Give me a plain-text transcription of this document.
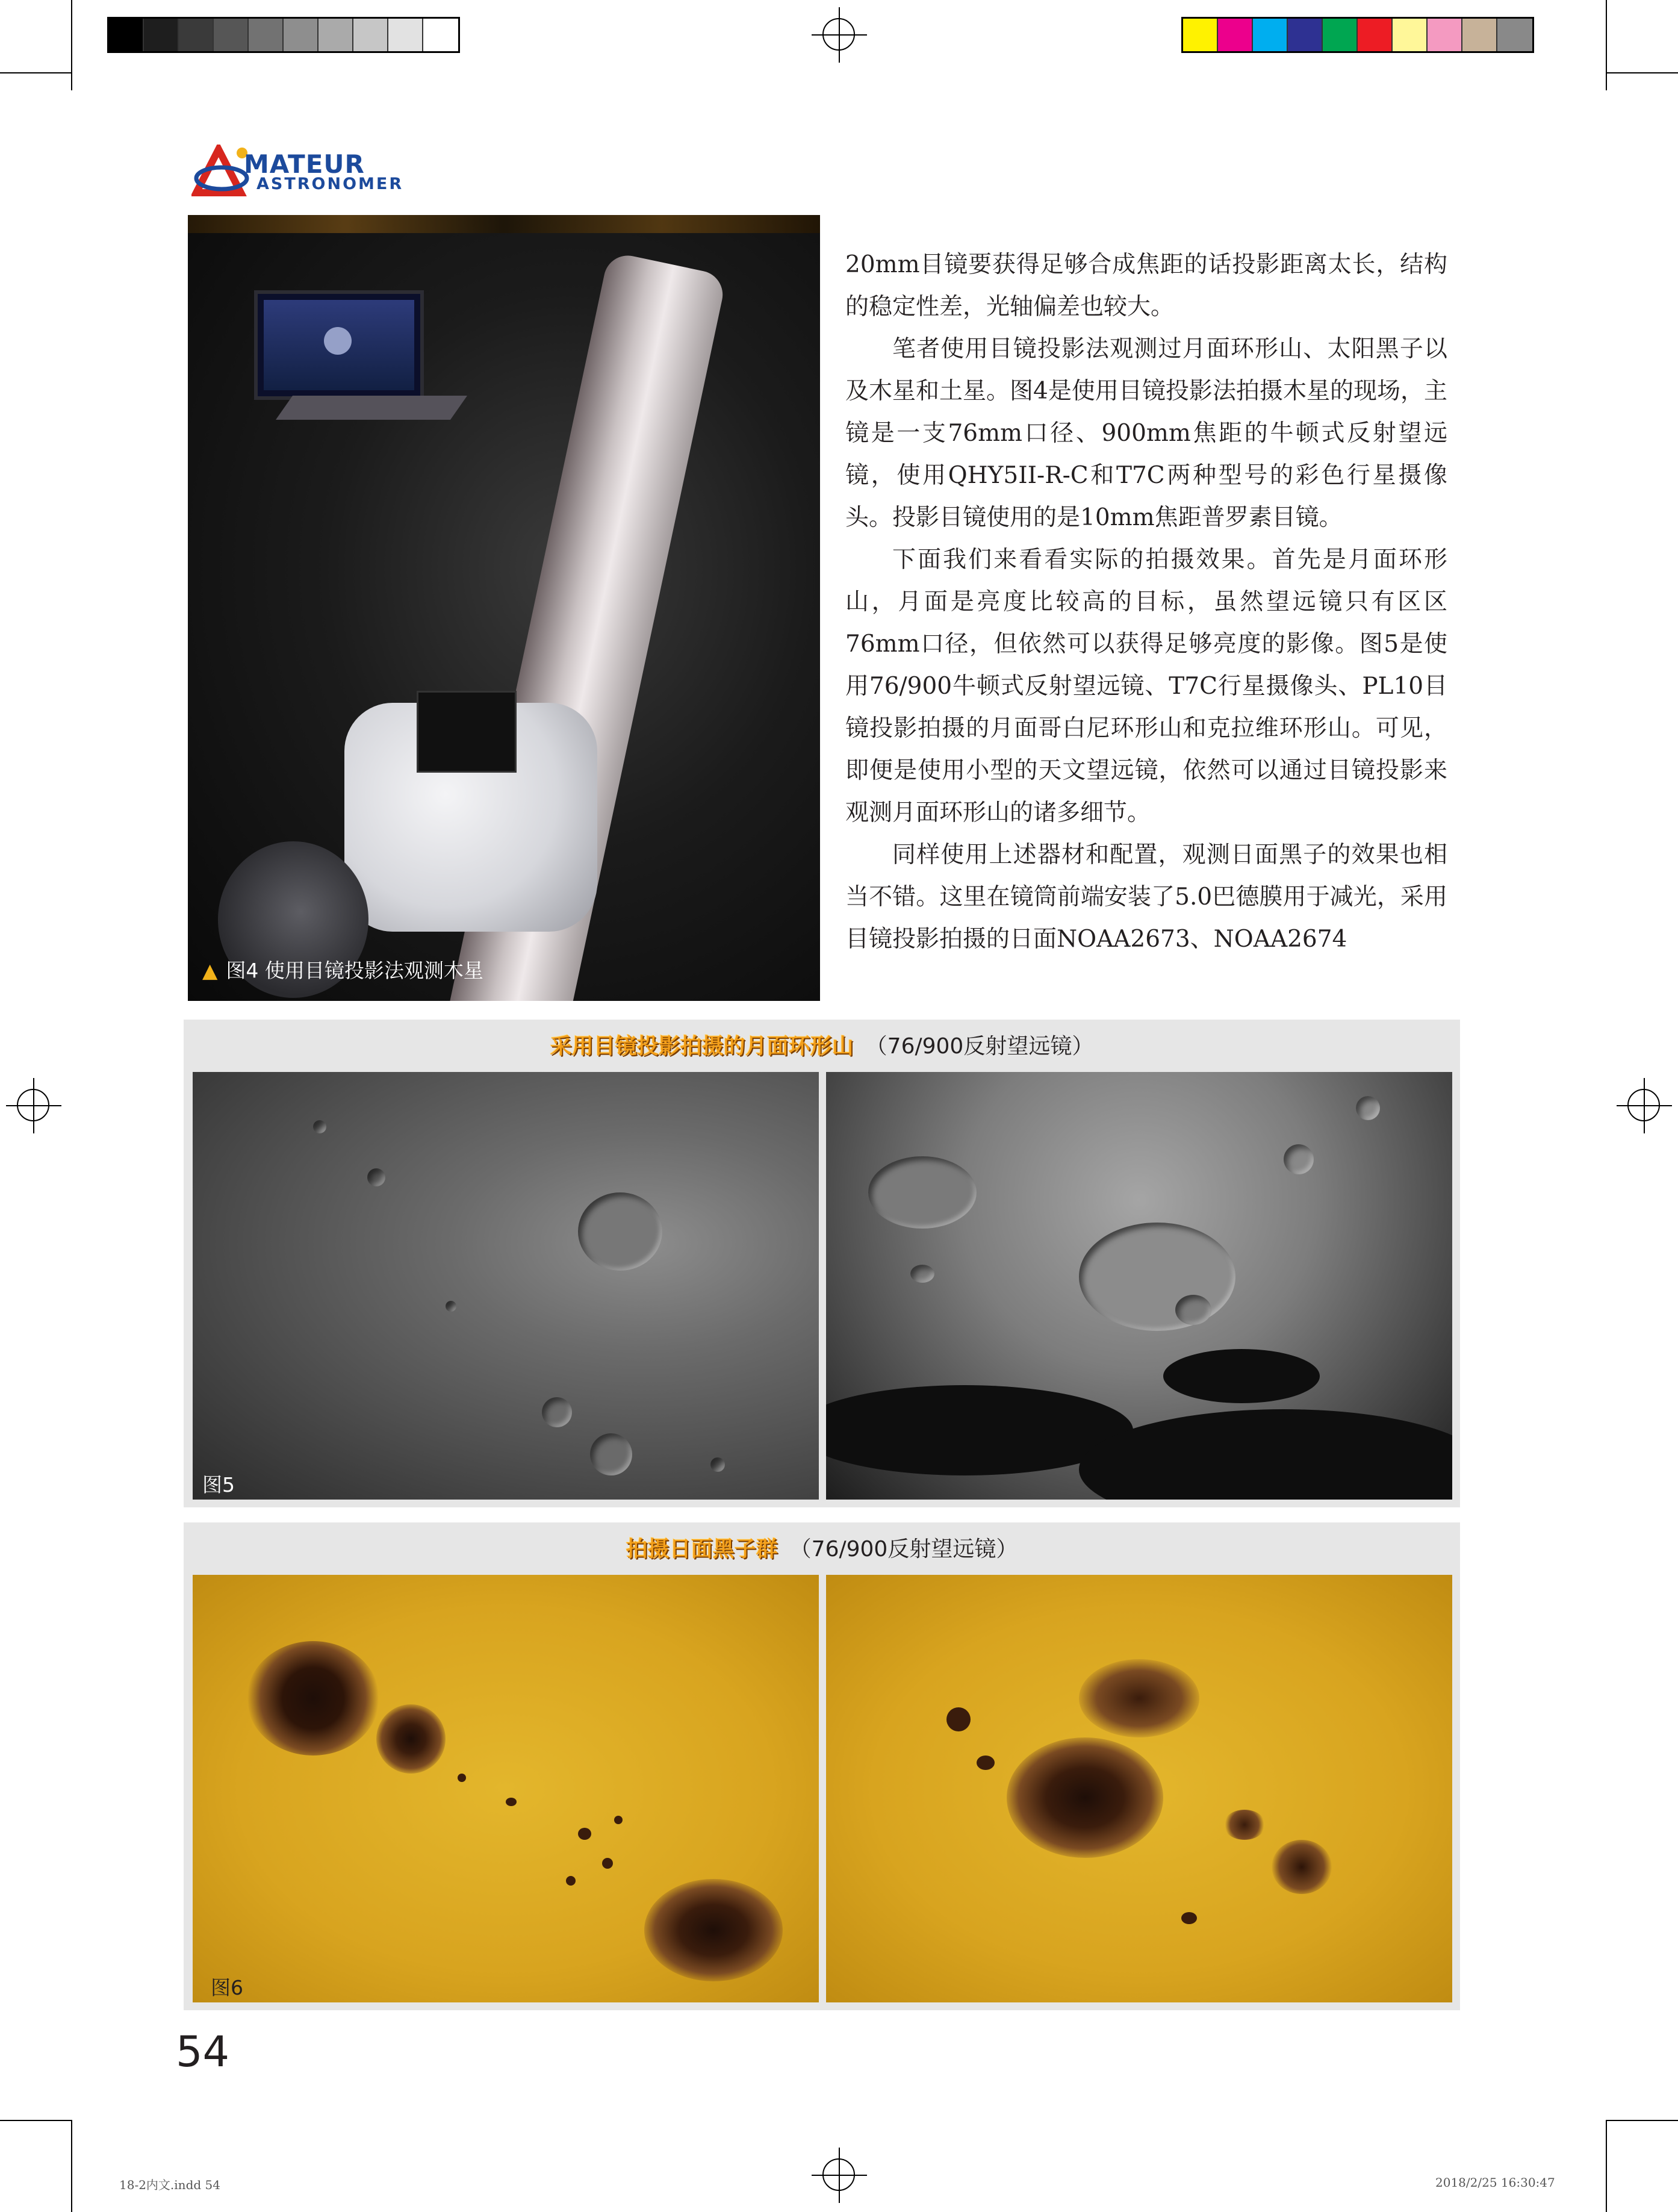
MATEUR
ASTRONOMER
▲ 图4 使用目镜投影法观测木星

20mm目镜要获得足够合成焦距的话投影距离太长，结构的稳定性差，光轴偏差也较大。

笔者使用目镜投影法观测过月面环形山、太阳黑子以及木星和土星。图4是使用目镜投影法拍摄木星的现场，主镜是一支76mm口径、900mm焦距的牛顿式反射望远镜，使用QHY5II-R-C和T7C两种型号的彩色行星摄像头。投影目镜使用的是10mm焦距普罗素目镜。

下面我们来看看实际的拍摄效果。首先是月面环形山，月面是亮度比较高的目标，虽然望远镜只有区区76mm口径，但依然可以获得足够亮度的影像。图5是使用76/900牛顿式反射望远镜、T7C行星摄像头、PL10目镜投影拍摄的月面哥白尼环形山和克拉维环形山。可见，即便是使用小型的天文望远镜，依然可以通过目镜投影来观测月面环形山的诸多细节。

同样使用上述器材和配置，观测日面黑子的效果也相当不错。这里在镜筒前端安装了5.0巴德膜用于减光，采用目镜投影拍摄的日面NOAA2673、NOAA2674

采用目镜投影拍摄的月面环形山 （76/900反射望远镜）
图5
拍摄日面黑子群 （76/900反射望远镜）
图6
54
18-2内文.indd 54	2018/2/25 16:30:47
